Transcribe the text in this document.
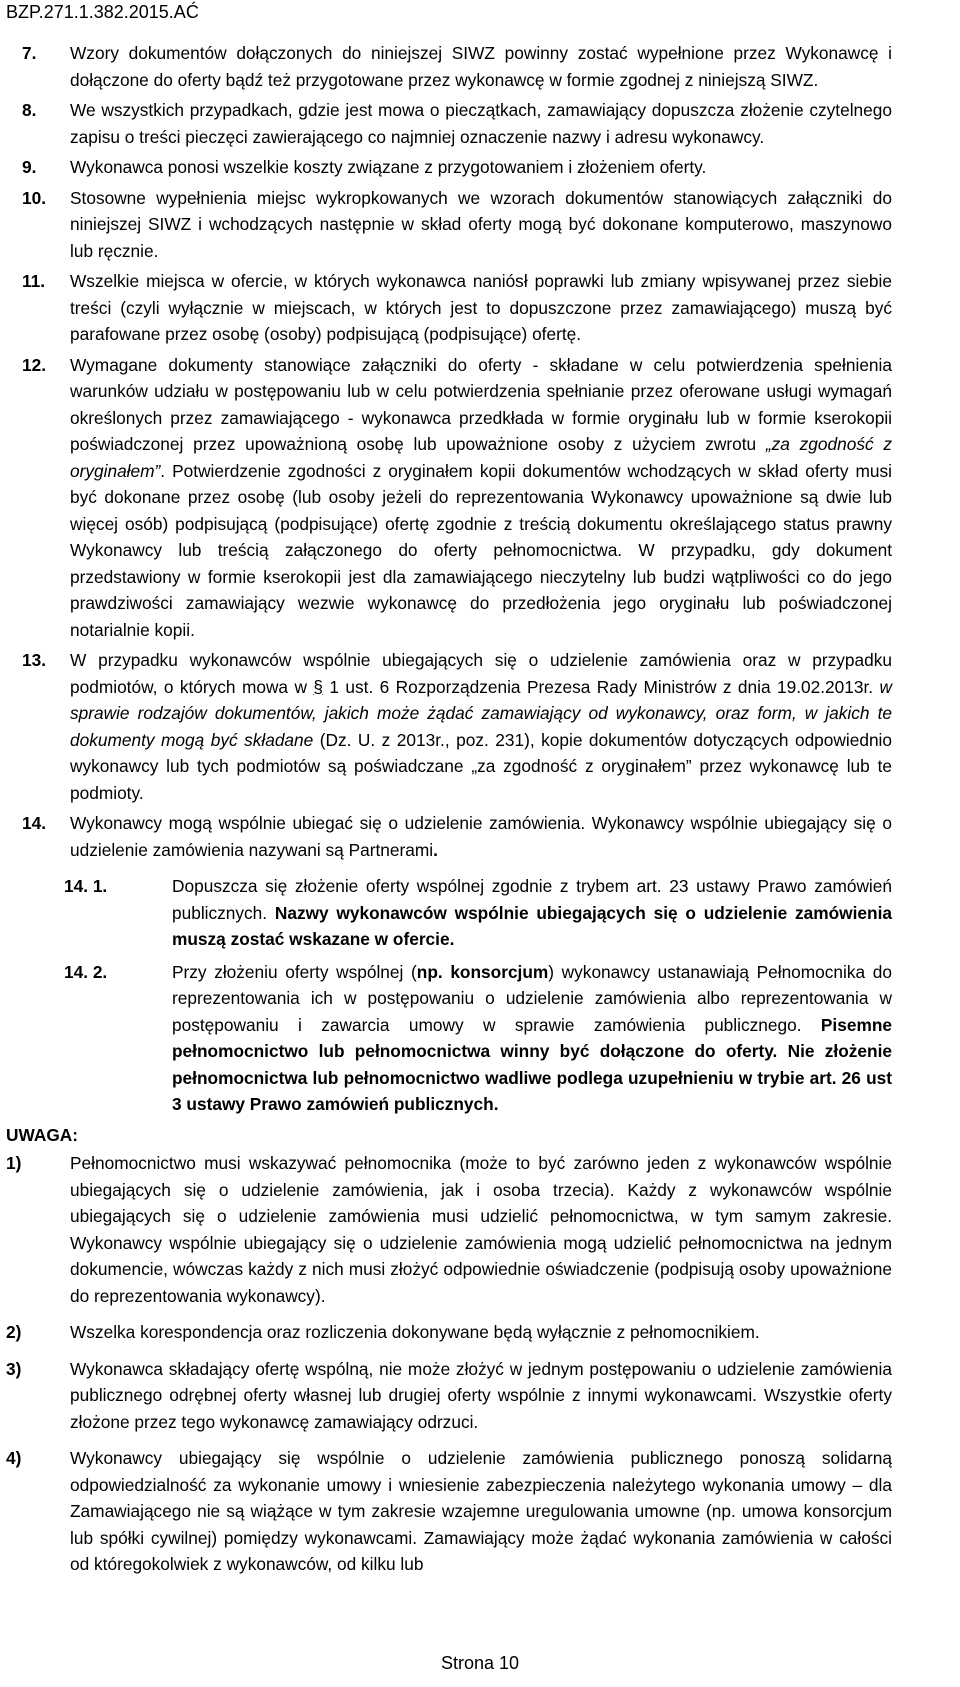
BZP.271.1.382.2015.AĆ
7. Wzory dokumentów dołączonych do niniejszej SIWZ powinny zostać wypełnione przez Wykonawcę i dołączone do oferty bądź też przygotowane przez wykonawcę w formie zgodnej z niniejszą SIWZ.
8. We wszystkich przypadkach, gdzie jest mowa o pieczątkach, zamawiający dopuszcza złożenie czytelnego zapisu o treści pieczęci zawierającego co najmniej oznaczenie nazwy i adresu wykonawcy.
9. Wykonawca ponosi wszelkie koszty związane z przygotowaniem i złożeniem oferty.
10. Stosowne wypełnienia miejsc wykropkowanych we wzorach dokumentów stanowiących załączniki do niniejszej SIWZ i wchodzących następnie w skład oferty mogą być dokonane komputerowo, maszynowo lub ręcznie.
11. Wszelkie miejsca w ofercie, w których wykonawca naniósł poprawki lub zmiany wpisywanej przez siebie treści (czyli wyłącznie w miejscach, w których jest to dopuszczone przez zamawiającego) muszą być parafowane przez osobę (osoby) podpisującą (podpisujące) ofertę.
12. Wymagane dokumenty stanowiące załączniki do oferty - składane w celu potwierdzenia spełnienia warunków udziału w postępowaniu lub w celu potwierdzenia spełnianie przez oferowane usługi wymagań określonych przez zamawiającego - wykonawca przedkłada w formie oryginału lub w formie kserokopii poświadczonej przez upoważnioną osobę lub upoważnione osoby z użyciem zwrotu „za zgodność z oryginałem”. Potwierdzenie zgodności z oryginałem kopii dokumentów wchodzących w skład oferty musi być dokonane przez osobę (lub osoby jeżeli do reprezentowania Wykonawcy upoważnione są dwie lub więcej osób) podpisującą (podpisujące) ofertę zgodnie z treścią dokumentu określającego status prawny Wykonawcy lub treścią załączonego do oferty pełnomocnictwa. W przypadku, gdy dokument przedstawiony w formie kserokopii jest dla zamawiającego nieczytelny lub budzi wątpliwości co do jego prawdziwości zamawiający wezwie wykonawcę do przedłożenia jego oryginału lub poświadczonej notarialnie kopii.
13. W przypadku wykonawców wspólnie ubiegających się o udzielenie zamówienia oraz w przypadku podmiotów, o których mowa w § 1 ust. 6 Rozporządzenia Prezesa Rady Ministrów z dnia 19.02.2013r. w sprawie rodzajów dokumentów, jakich może żądać zamawiający od wykonawcy, oraz form, w jakich te dokumenty mogą być składane (Dz. U. z 2013r., poz. 231), kopie dokumentów dotyczących odpowiednio wykonawcy lub tych podmiotów są poświadczane „za zgodność z oryginałem” przez wykonawcę lub te podmioty.
14. Wykonawcy mogą wspólnie ubiegać się o udzielenie zamówienia. Wykonawcy wspólnie ubiegający się o udzielenie zamówienia nazywani są Partnerami.
14. 1.	Dopuszcza się złożenie oferty wspólnej zgodnie z trybem art. 23 ustawy Prawo zamówień publicznych. Nazwy wykonawców wspólnie ubiegających się o udzielenie zamówienia muszą zostać wskazane w ofercie.
14. 2.	Przy złożeniu oferty wspólnej (np. konsorcjum) wykonawcy ustanawiają Pełnomocnika do reprezentowania ich w postępowaniu o udzielenie zamówienia albo reprezentowania w postępowaniu i zawarcia umowy w sprawie zamówienia publicznego. Pisemne pełnomocnictwo lub pełnomocnictwa winny być dołączone do oferty. Nie złożenie pełnomocnictwa lub pełnomocnictwo wadliwe podlega uzupełnieniu w trybie art. 26 ust 3 ustawy Prawo zamówień publicznych.
UWAGA:
1)	Pełnomocnictwo musi wskazywać pełnomocnika (może to być zarówno jeden z wykonawców wspólnie ubiegających się o udzielenie zamówienia, jak i osoba trzecia). Każdy z wykonawców wspólnie ubiegających się o udzielenie zamówienia musi udzielić pełnomocnictwa, w tym samym zakresie. Wykonawcy wspólnie ubiegający się o udzielenie zamówienia mogą udzielić pełnomocnictwa na jednym dokumencie, wówczas każdy z nich musi złożyć odpowiednie oświadczenie (podpisują osoby upoważnione do reprezentowania wykonawcy).
2)	Wszelka korespondencja oraz rozliczenia dokonywane będą wyłącznie z pełnomocnikiem.
3)	Wykonawca składający ofertę wspólną, nie może złożyć w jednym postępowaniu o udzielenie zamówienia publicznego odrębnej oferty własnej lub drugiej oferty wspólnie z innymi wykonawcami. Wszystkie oferty złożone przez tego wykonawcę zamawiający odrzuci.
4)	Wykonawcy ubiegający się wspólnie o udzielenie zamówienia publicznego ponoszą solidarną odpowiedzialność za wykonanie umowy i wniesienie zabezpieczenia należytego wykonania umowy – dla Zamawiającego nie są wiążące w tym zakresie wzajemne uregulowania umowne (np. umowa konsorcjum lub spółki cywilnej) pomiędzy wykonawcami. Zamawiający może żądać wykonania zamówienia w całości od któregokolwiek z wykonawców, od kilku lub
Strona 10
